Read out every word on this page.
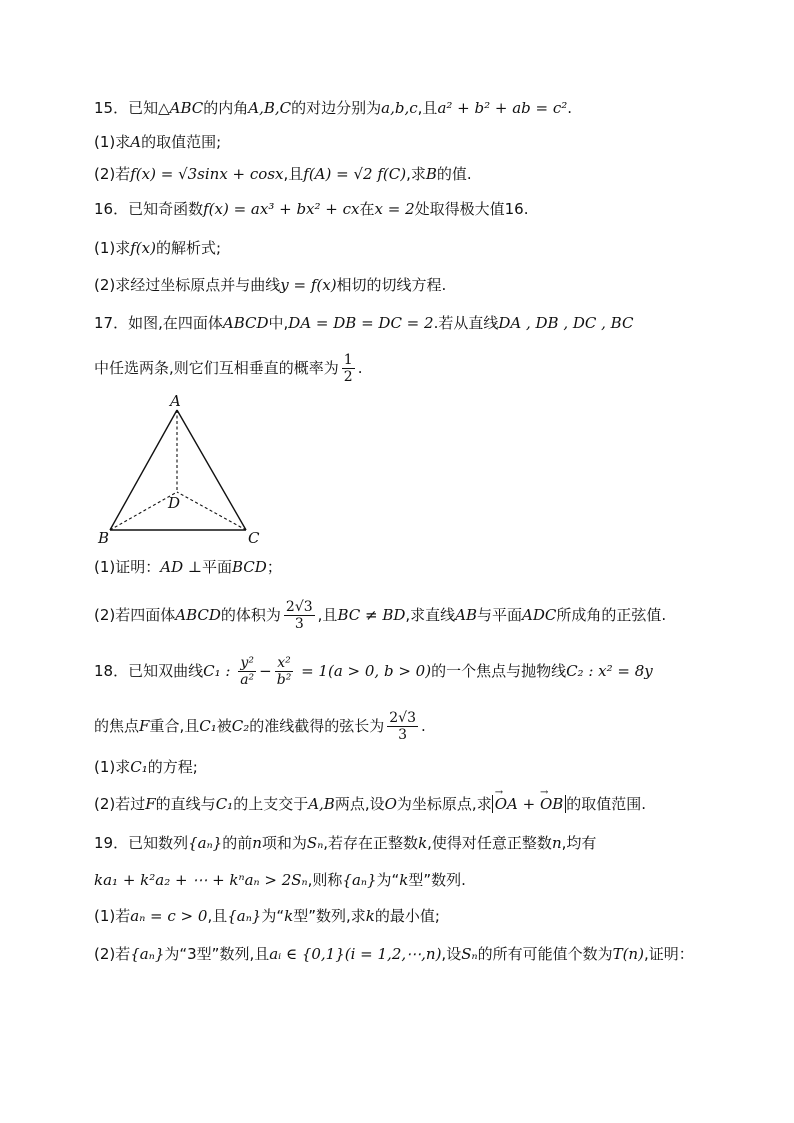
15．已知△ABC的内角A,B,C的对边分别为a,b,c,且a² + b² + ab = c².
(1)求A的取值范围;
(2)若f(x) = √3sinx + cosx,且f(A) = √2 f(C),求B的值.
16．已知奇函数f(x) = ax³ + bx² + cx在x = 2处取得极大值16.
(1)求f(x)的解析式;
(2)求经过坐标原点并与曲线y = f(x)相切的切线方程.
17．如图,在四面体ABCD中,DA = DB = DC = 2.若从直线DA , DB , DC , BC
中任选两条,则它们互相垂直的概率为 $\frac{1}{2}$ .
A
D
B	C
(1)证明：AD ⊥平面BCD；
(2)若四面体ABCD的体积为 $\frac{2√3}{3}$ ,且BC ≠ BD,求直线AB与平面ADC所成角的正弦值.
18．已知双曲线C₁ : $\frac{\text{y²}}{\text{a²}} - \frac{\text{x²}}{\text{b²}} = 1(a > 0$, b > 0)的一个焦点与抛物线C₂ : x² = 8y
的焦点F重合,且C₁被C₂的准线截得的弦长为 $\frac{2√3}{3}$ .
(1)求C₁的方程;
(2)若过F的直线与C₁的上支交于A,B两点,设O为坐标原点,求 → OA + → OB 的取值范围.
19．已知数列{aₙ}的前n项和为Sₙ,若存在正整数k,使得对任意正整数n,均有
ka₁ + k²a₂ + ⋯ + kⁿaₙ > 2Sₙ,则称{aₙ}为“k型”数列.
(1)若aₙ = c > 0,且{aₙ}为“k型”数列,求k的最小值;
(2)若{aₙ}为“3型”数列,且aᵢ ∈ {0,1}(i = 1,2,⋯,n),设Sₙ的所有可能值个数为T(n),证明：
